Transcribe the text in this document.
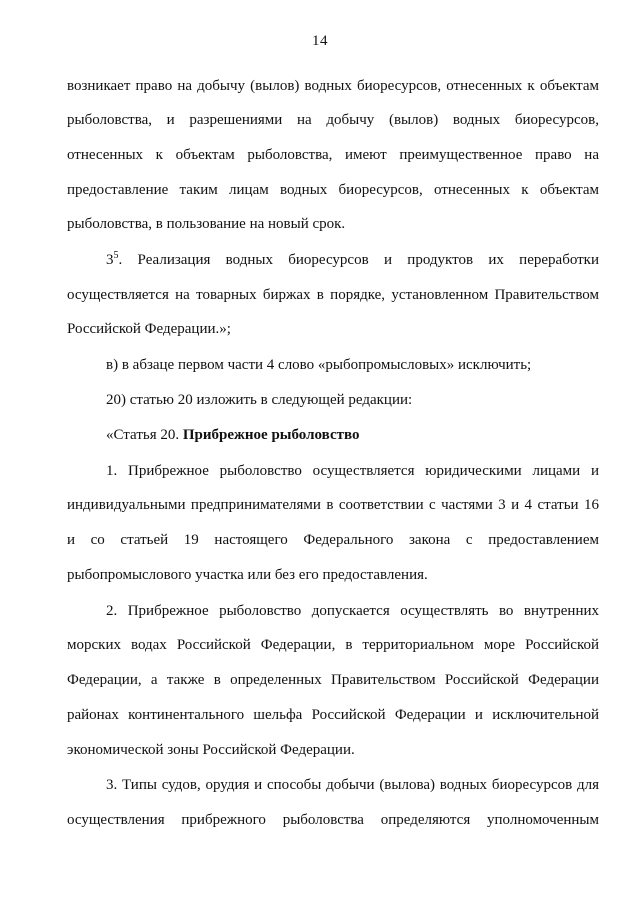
14
возникает право на добычу (вылов) водных биоресурсов, отнесенных к объектам
рыболовства, и разрешениями на добычу (вылов) водных биоресурсов,
отнесенных к объектам рыболовства, имеют преимущественное право на
предоставление таким лицам водных биоресурсов, отнесенных к объектам
рыболовства, в пользование на новый срок.
$3^5$. Реализация водных биоресурсов и продуктов их переработки
осуществляется на товарных биржах в порядке, установленном Правительством
Российской Федерации.»;
в) в абзаце первом части 4 слово «рыбопромысловых» исключить;
20) статью 20 изложить в следующей редакции:
«Статья 20. Прибрежное рыболовство
1. Прибрежное рыболовство осуществляется юридическими лицами и
индивидуальными предпринимателями в соответствии с частями 3 и 4 статьи 16
и со статьей 19 настоящего Федерального закона с предоставлением
рыбопромыслового участка или без его предоставления.
2. Прибрежное рыболовство допускается осуществлять во внутренних
морских водах Российской Федерации, в территориальном море Российской
Федерации, а также в определенных Правительством Российской Федерации
районах континентального шельфа Российской Федерации и исключительной
экономической зоны Российской Федерации.
3. Типы судов, орудия и способы добычи (вылова) водных биоресурсов для
осуществления прибрежного рыболовства определяются уполномоченным
